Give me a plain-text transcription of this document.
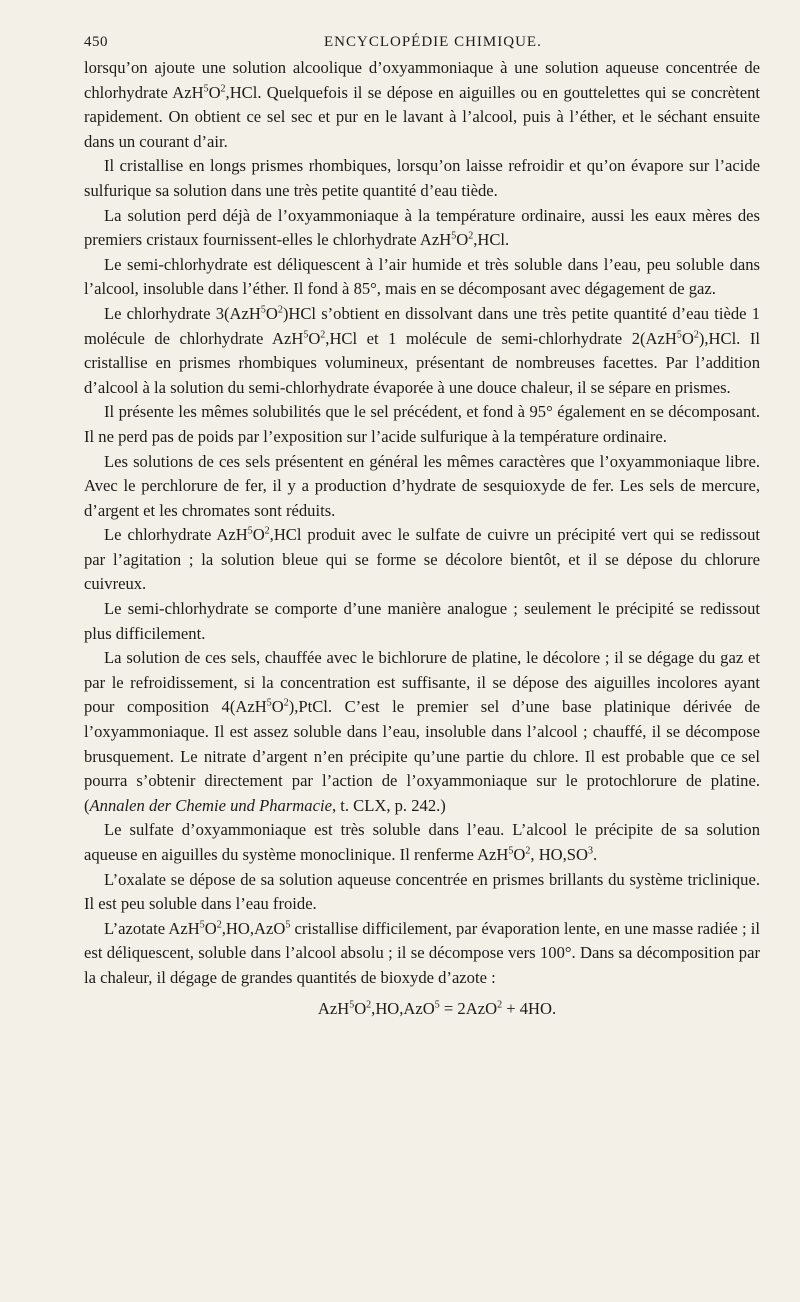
450	ENCYCLOPÉDIE CHIMIQUE.

lorsqu’on ajoute une solution alcoolique d’oxyammoniaque à une solution aqueuse concentrée de chlorhydrate $AzH^5O^2,HCl$. Quelquefois il se dépose en aiguilles ou en gouttelettes qui se concrètent rapidement. On obtient ce sel sec et pur en le lavant à l’alcool, puis à l’éther, et le séchant ensuite dans un courant d’air.

Il cristallise en longs prismes rhombiques, lorsqu’on laisse refroidir et qu’on évapore sur l’acide sulfurique sa solution dans une très petite quantité d’eau tiède.

La solution perd déjà de l’oxyammoniaque à la température ordinaire, aussi les eaux mères des premiers cristaux fournissent-elles le chlorhydrate $AzH^5O^2,HCl$.

Le semi-chlorhydrate est déliquescent à l’air humide et très soluble dans l’eau, peu soluble dans l’alcool, insoluble dans l’éther. Il fond à 85°, mais en se décomposant avec dégagement de gaz.

Le chlorhydrate $3(AzH^5O^2)HCl$ s’obtient en dissolvant dans une très petite quantité d’eau tiède 1 molécule de chlorhydrate $AzH^5O^2,HCl$ et 1 molécule de semi-chlorhydrate $2(AzH^5O^2),HCl$. Il cristallise en prismes rhombiques volumineux, présentant de nombreuses facettes. Par l’addition d’alcool à la solution du semi-chlorhydrate évaporée à une douce chaleur, il se sépare en prismes.

Il présente les mêmes solubilités que le sel précédent, et fond à 95° également en se décomposant. Il ne perd pas de poids par l’exposition sur l’acide sulfurique à la température ordinaire.

Les solutions de ces sels présentent en général les mêmes caractères que l’oxyammoniaque libre. Avec le perchlorure de fer, il y a production d’hydrate de sesquioxyde de fer. Les sels de mercure, d’argent et les chromates sont réduits.

Le chlorhydrate $AzH^5O^2,HCl$ produit avec le sulfate de cuivre un précipité vert qui se redissout par l’agitation ; la solution bleue qui se forme se décolore bientôt, et il se dépose du chlorure cuivreux.

Le semi-chlorhydrate se comporte d’une manière analogue ; seulement le précipité se redissout plus difficilement.

La solution de ces sels, chauffée avec le bichlorure de platine, le décolore ; il se dégage du gaz et par le refroidissement, si la concentration est suffisante, il se dépose des aiguilles incolores ayant pour composition $4(AzH^5O^2),PtCl$. C’est le premier sel d’une base platinique dérivée de l’oxyammoniaque. Il est assez soluble dans l’eau, insoluble dans l’alcool ; chauffé, il se décompose brusquement. Le nitrate d’argent n’en précipite qu’une partie du chlore. Il est probable que ce sel pourra s’obtenir directement par l’action de l’oxyammoniaque sur le protochlorure de platine. (Annalen der Chemie und Pharmacie, t. CLX, p. 242.)

Le sulfate d’oxyammoniaque est très soluble dans l’eau. L’alcool le précipite de sa solution aqueuse en aiguilles du système monoclinique. Il renferme $AzH^5O^2$, $HO,SO^3$.

L’oxalate se dépose de sa solution aqueuse concentrée en prismes brillants du système triclinique. Il est peu soluble dans l’eau froide.

L’azotate $AzH^5O^2,HO,AzO^5$ cristallise difficilement, par évaporation lente, en une masse radiée ; il est déliquescent, soluble dans l’alcool absolu ; il se décompose vers 100°. Dans sa décomposition par la chaleur, il dégage de grandes quantités de bioxyde d’azote :

$AzH^5O^2,HO,AzO^5 = 2AzO^2 + 4HO$.
